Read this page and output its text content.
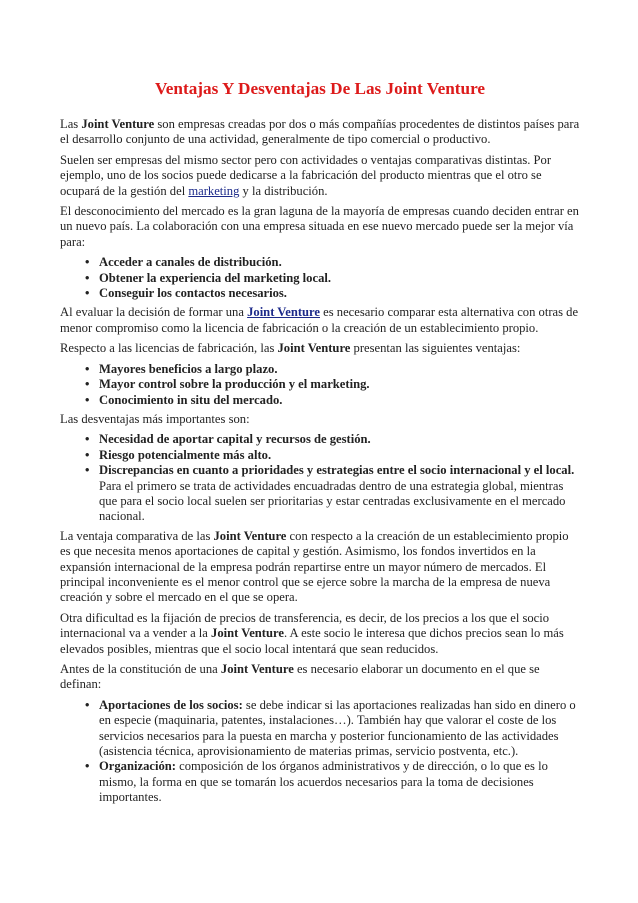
Ventajas Y Desventajas De Las Joint Venture

Las Joint Venture son empresas creadas por dos o más compañías procedentes de distintos países para el desarrollo conjunto de una actividad, generalmente de tipo comercial o productivo.

Suelen ser empresas del mismo sector pero con actividades o ventajas comparativas distintas. Por ejemplo, uno de los socios puede dedicarse a la fabricación del producto mientras que el otro se ocupará de la gestión del marketing y la distribución.

El desconocimiento del mercado es la gran laguna de la mayoría de empresas cuando deciden entrar en un nuevo país. La colaboración con una empresa situada en ese nuevo mercado puede ser la mejor vía para:

• Acceder a canales de distribución.
• Obtener la experiencia del marketing local.
• Conseguir los contactos necesarios.

Al evaluar la decisión de formar una Joint Venture es necesario comparar esta alternativa con otras de menor compromiso como la licencia de fabricación o la creación de un establecimiento propio.

Respecto a las licencias de fabricación, las Joint Venture presentan las siguientes ventajas:

• Mayores beneficios a largo plazo.
• Mayor control sobre la producción y el marketing.
• Conocimiento in situ del mercado.

Las desventajas más importantes son:

• Necesidad de aportar capital y recursos de gestión.
• Riesgo potencialmente más alto.
• Discrepancias en cuanto a prioridades y estrategias entre el socio internacional y el local. Para el primero se trata de actividades encuadradas dentro de una estrategia global, mientras que para el socio local suelen ser prioritarias y estar centradas exclusivamente en el mercado nacional.

La ventaja comparativa de las Joint Venture con respecto a la creación de un establecimiento propio es que necesita menos aportaciones de capital y gestión. Asimismo, los fondos invertidos en la expansión internacional de la empresa podrán repartirse entre un mayor número de mercados. El principal inconveniente es el menor control que se ejerce sobre la marcha de la empresa de nueva creación y sobre el mercado en el que se opera.

Otra dificultad es la fijación de precios de transferencia, es decir, de los precios a los que el socio internacional va a vender a la Joint Venture. A este socio le interesa que dichos precios sean lo más elevados posibles, mientras que el socio local intentará que sean reducidos.

Antes de la constitución de una Joint Venture es necesario elaborar un documento en el que se definan:

• Aportaciones de los socios: se debe indicar si las aportaciones realizadas han sido en dinero o en especie (maquinaria, patentes, instalaciones…). También hay que valorar el coste de los servicios necesarios para la puesta en marcha y posterior funcionamiento de las actividades (asistencia técnica, aprovisionamiento de materias primas, servicio postventa, etc.).
• Organización: composición de los órganos administrativos y de dirección, o lo que es lo mismo, la forma en que se tomarán los acuerdos necesarios para la toma de decisiones importantes.
